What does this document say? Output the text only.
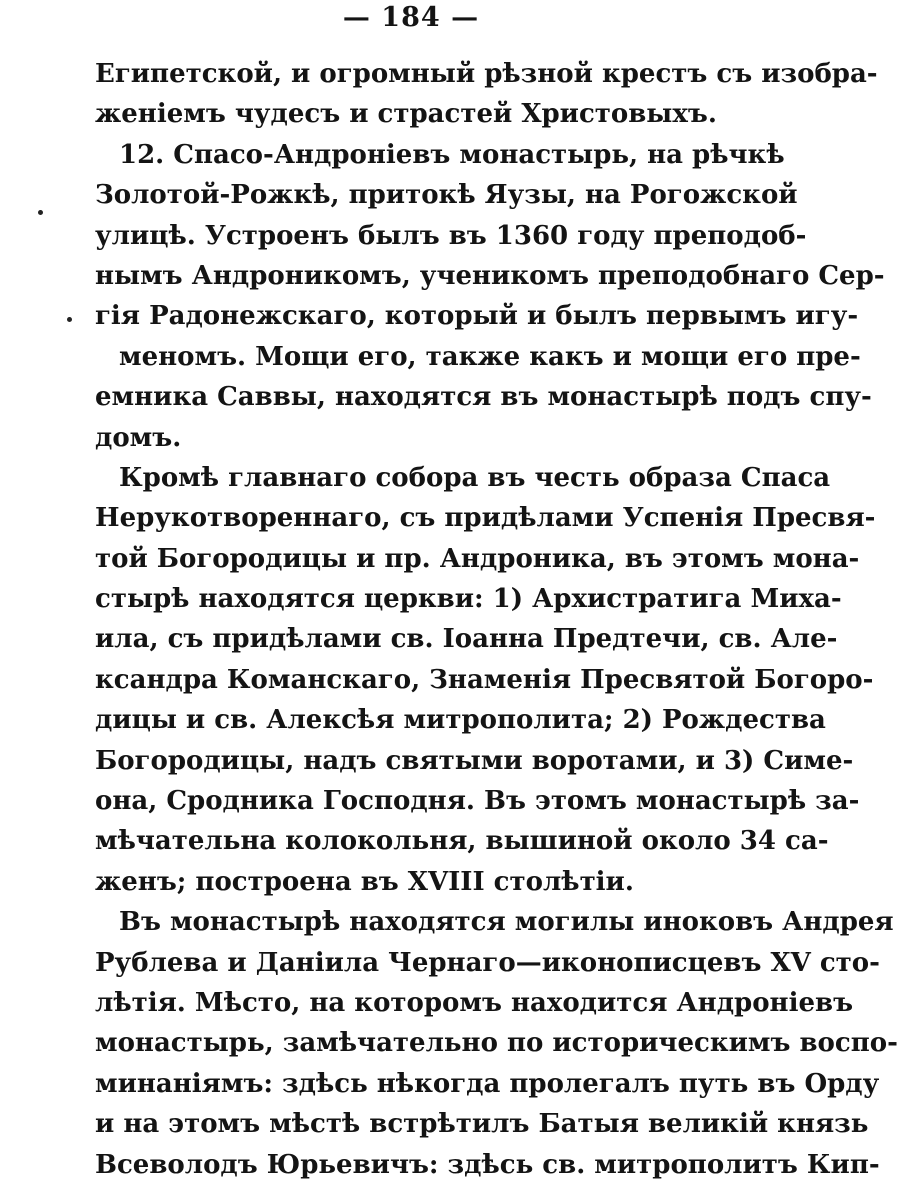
— 184 —
Египетской, и огромный рѣзной крестъ съ изобра-
женіемъ чудесъ и страстей Христовыхъ.
12. Спасо-Андроніевъ монастырь, на рѣчкѣ
Золотой-Рожкѣ, притокѣ Яузы, на Рогожской
улицѣ. Устроенъ былъ въ 1360 году преподоб-
нымъ Андроникомъ, ученикомъ преподобнаго Сер-
гія Радонежскаго, который и былъ первымъ игу-
меномъ. Мощи его, также какъ и мощи его пре-
емника Саввы, находятся въ монастырѣ подъ спу-
домъ.
Кромѣ главнаго собора въ честь образа Спаса
Нерукотвореннаго, съ придѣлами Успенія Пресвя-
той Богородицы и пр. Андроника, въ этомъ мона-
стырѣ находятся церкви: 1) Архистратига Миха-
ила, съ придѣлами св. Іоанна Предтечи, св. Але-
ксандра Команскаго, Знаменія Пресвятой Богоро-
дицы и св. Алексѣя митрополита; 2) Рождества
Богородицы, надъ святыми воротами, и 3) Симе-
она, Сродника Господня. Въ этомъ монастырѣ за-
мѣчательна колокольня, вышиной около 34 са-
женъ; построена въ XVIII столѣтіи.
Въ монастырѣ находятся могилы иноковъ Андрея
Рублева и Даніила Чернаго—иконописцевъ XV сто-
лѣтія. Мѣсто, на которомъ находится Андроніевъ
монастырь, замѣчательно по историческимъ воспо-
минаніямъ: здѣсь нѣкогда пролегалъ путь въ Орду
и на этомъ мѣстѣ встрѣтилъ Батыя великій князь
Всеволодъ Юрьевичъ: здѣсь св. митрополитъ Кип-
